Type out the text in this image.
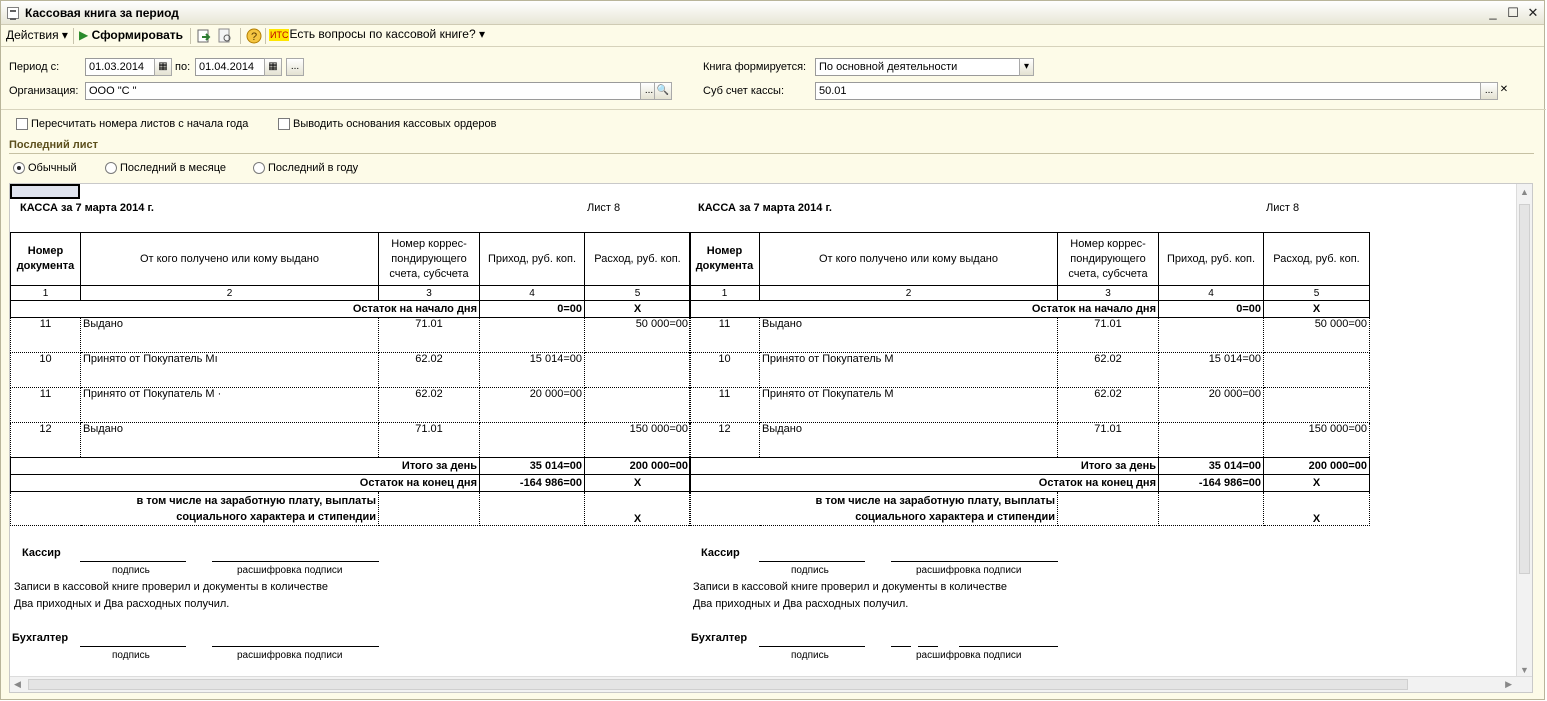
Кассовая книга за период	_ ☐ ✕
Действия ▾ ▶ Сформировать	? ИТСЕсть вопросы по кассовой книге? ▾
Период с:	01.03.2014	▦ по: 01.04.2014	▦	...
Организация: ООО "С "	... 🔍
Книга формируется:	По основной деятельности	▾
Суб счет кассы:	50.01	... ✕
Пересчитать номера листов с начала года	Выводить основания кассовых ордеров
Последний лист
Обычный	Последний в месяце	Последний в году
КАССА за 7 марта 2014 г.	Лист 8	КАССА за 7 марта 2014 г.	Лист 8
Номер документа	От кого получено или кому выдано	Номер коррес-пондирующего счета, субсчета	Приход, руб. коп.	Расход, руб. коп.
1	2	3	4	5
Остаток на начало дня			0=00	X
11	Выдано	71.01		50 000=00
10	Принято от Покупатель Мı	62.02	15 014=00	
11	Принято от Покупатель М ·	62.02	20 000=00	
12	Выдано	71.01		150 000=00
Итого за день			35 014=00	200 000=00
Остаток на конец дня			-164 986=00	X

в том числе на заработную плату, выплаты
социального характера и стипендии				X
Номер документа	От кого получено или кому выдано	Номер коррес-пондирующего счета, субсчета	Приход, руб. коп.	Расход, руб. коп.
1	2	3	4	5
Остаток на начало дня			0=00	X
11	Выдано	71.01		50 000=00
10	Принято от Покупатель М	62.02	15 014=00	
11	Принято от Покупатель М	62.02	20 000=00	
12	Выдано	71.01		150 000=00
Итого за день			35 014=00	200 000=00
Остаток на конец дня			-164 986=00	X

в том числе на заработную плату, выплаты
социального характера и стипендии				X
Кассир
подпись	расшифровка подписи
Записи в кассовой книге проверил и документы в количестве
Два приходных и Два расходных получил.
Бухгалтер
подпись	расшифровка подписи
Кассир
подпись	расшифровка подписи
Записи в кассовой книге проверил и документы в количестве
Два приходных и Два расходных получил.
Бухгалтер
подпись	расшифровка подписи
▲
▼
◀	▶
